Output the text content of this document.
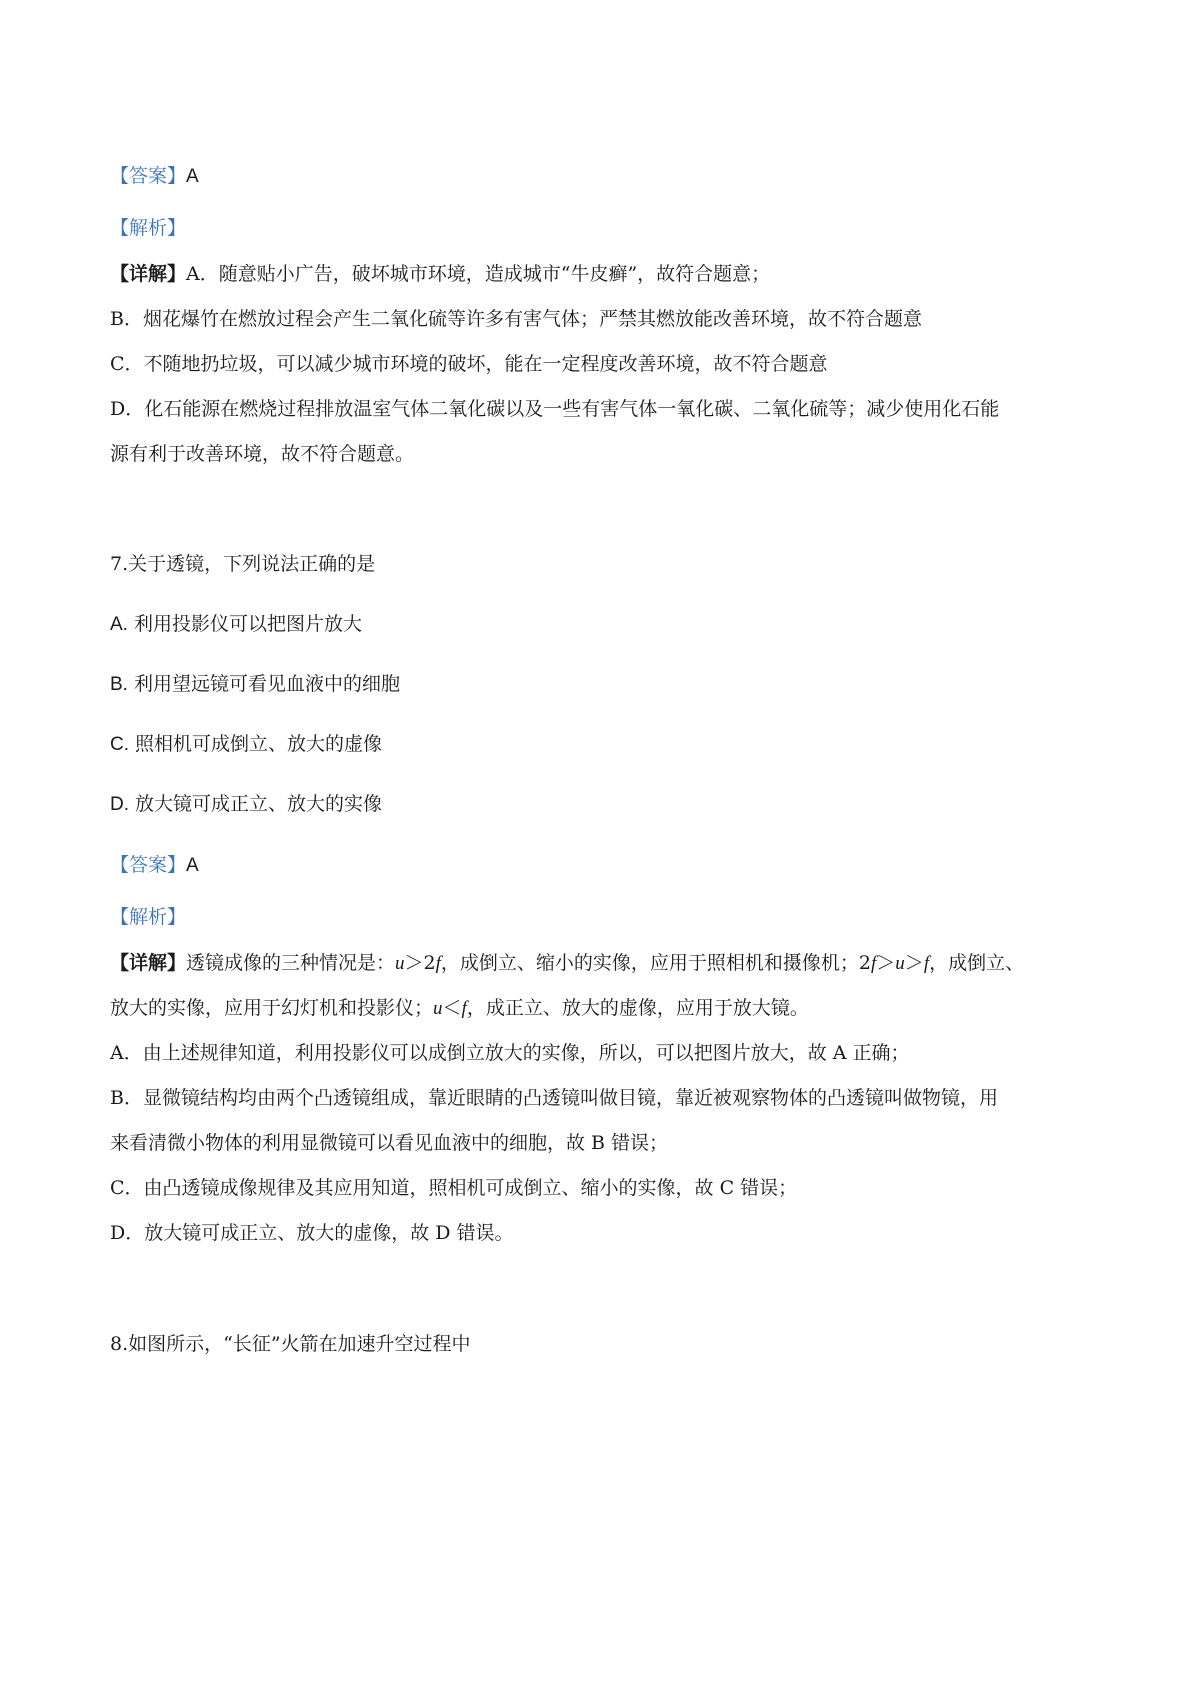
【答案】A
【解析】
【详解】A．随意贴小广告，破坏城市环境，造成城市“牛皮癣”，故符合题意；
B．烟花爆竹在燃放过程会产生二氧化硫等许多有害气体；严禁其燃放能改善环境，故不符合题意
C．不随地扔垃圾，可以减少城市环境的破坏，能在一定程度改善环境，故不符合题意
D．化石能源在燃烧过程排放温室气体二氧化碳以及一些有害气体一氧化碳、二氧化硫等；减少使用化石能
源有利于改善环境，故不符合题意。
7.关于透镜，下列说法正确的是
A. 利用投影仪可以把图片放大
B. 利用望远镜可看见血液中的细胞
C. 照相机可成倒立、放大的虚像
D. 放大镜可成正立、放大的实像
【答案】A
【解析】
【详解】透镜成像的三种情况是：u＞2f，成倒立、缩小的实像，应用于照相机和摄像机；2f＞u＞f，成倒立、
放大的实像，应用于幻灯机和投影仪；u＜f，成正立、放大的虚像，应用于放大镜。
A．由上述规律知道，利用投影仪可以成倒立放大的实像，所以，可以把图片放大，故 A 正确；
B．显微镜结构均由两个凸透镜组成，靠近眼睛的凸透镜叫做目镜，靠近被观察物体的凸透镜叫做物镜，用
来看清微小物体的利用显微镜可以看见血液中的细胞，故 B 错误；
C．由凸透镜成像规律及其应用知道，照相机可成倒立、缩小的实像，故 C 错误；
D．放大镜可成正立、放大的虚像，故 D 错误。
8.如图所示，“长征”火箭在加速升空过程中
